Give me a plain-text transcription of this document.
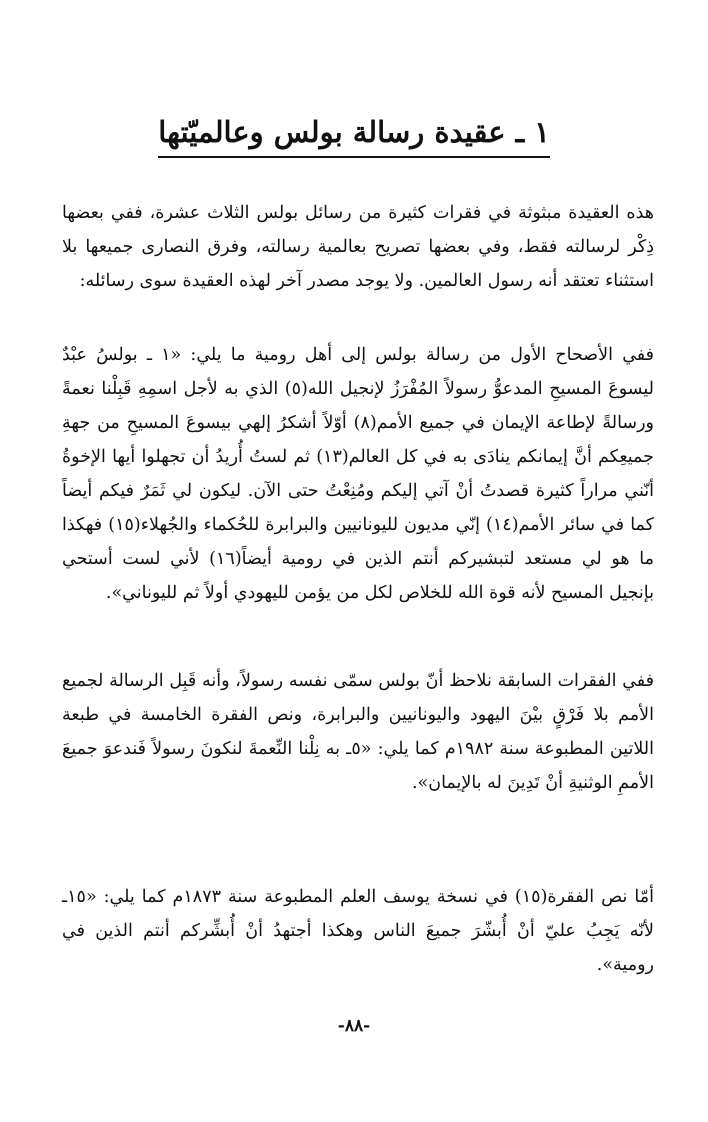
١ ـ عقيدة رسالة بولس وعالميّتها

هذه العقيدة مبثوثة في فقرات كثيرة من رسائل بولس الثلاث عشرة، ففي بعضها ذِكْر لرسالته فقط، وفي بعضها تصريح بعالمية رسالته، وفرق النصارى جميعها بلا استثناء تعتقد أنه رسول العالمين. ولا يوجد مصدر آخر لهذه العقيدة سوى رسائله:

ففي الأصحاح الأول من رسالة بولس إلى أهل رومية ما يلي: «١ ـ بولسُ عبْدٌ ليسوعَ المسيحِ المدعوُّ رسولاً المُفْرَزُ لإنجيل الله(٥) الذي به لأجل اسمِهِ قَبِلْنا نعمةً ورسالةً لإطاعة الإيمان في جميع الأمم(٨) أوّلاً أشكرُ إلهي بيسوعَ المسيحِ من جهةِ جميعِكم أنَّ إيمانكم ينادَى به في كل العالم(١٣) ثم لستُ أُريدُ أن تجهلوا أيها الإخوةُ أنّني مراراً كثيرة قصدتُ أنْ آتي إليكم ومُنِعْتُ حتى الآن. ليكون لي ثَمَرٌ فيكم أيضاً كما في سائر الأمم(١٤) إنّي مديون لليونانيين والبرابرة للحُكماء والجُهلاء(١٥) فهكذا ما هو لي مستعد لتبشيركم أنتم الذين في رومية أيضاً(١٦) لأني لست أستحي بإنجيل المسيح لأنه قوة الله للخلاص لكل من يؤمن لليهودي أولاً ثم لليوناني».

ففي الفقرات السابقة نلاحظ أنّ بولس سمّى نفسه رسولاً، وأنه قَبِل الرسالة لجميع الأمم بلا فَرْقٍ بيْنَ اليهود واليونانيين والبرابرة، ونص الفقرة الخامسة في طبعة اللاتين المطبوعة سنة ١٩٨٢م كما يلي: «٥ـ به نِلْنا النِّعمةَ لنكونَ رسولاً فَندعوَ جميعَ الأممِ الوثنيةِ أنْ تَدِينَ له بالإيمان».

أمّا نص الفقرة(١٥) في نسخة يوسف العلم المطبوعة سنة ١٨٧٣م كما يلي: «١٥ـ لأنّه يَجِبُ عليّ أنْ أُبشّرَ جميعَ الناس وهكذا أجتهدُ أنْ أُبشِّركم أنتم الذين في رومية».

-٨٨-
